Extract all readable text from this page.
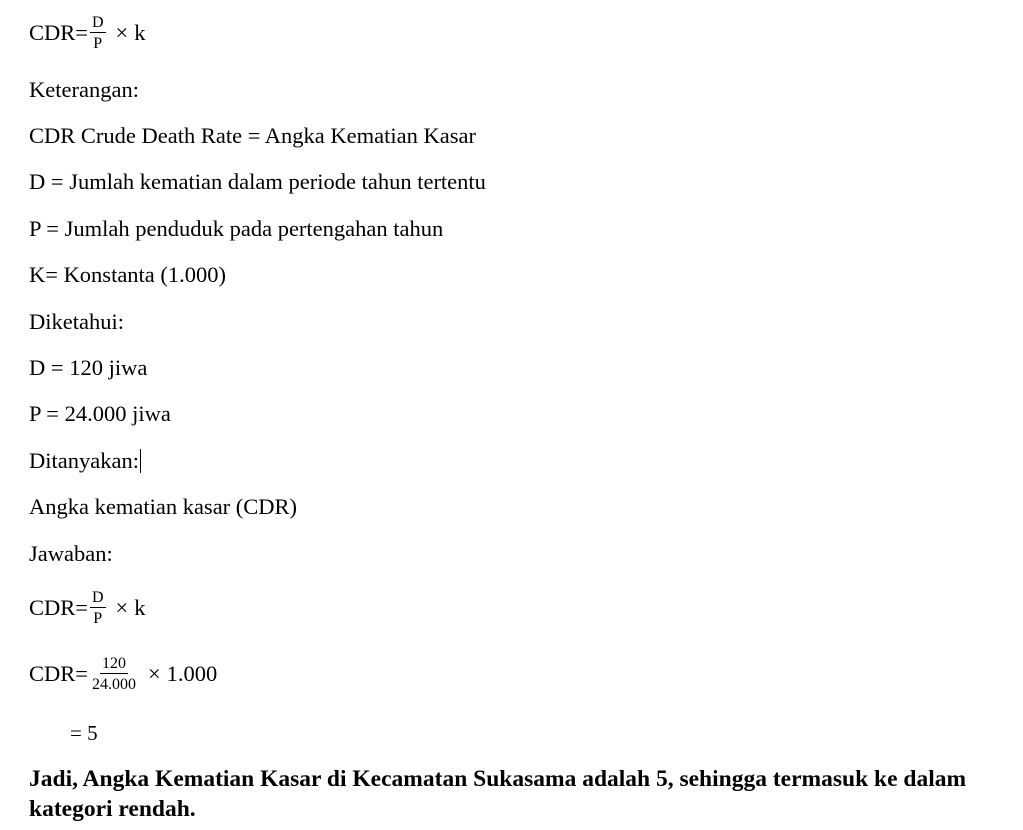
$CDR= \frac{D}{P} \times k$
Keterangan:
CDR Crude Death Rate = Angka Kematian Kasar
D = Jumlah kematian dalam periode tahun tertentu
P = Jumlah penduduk pada pertengahan tahun
K= Konstanta (1.000)
Diketahui:
D = 120 jiwa
P = 24.000 jiwa
Ditanyakan:
Angka kematian kasar (CDR)
Jawaban:
$CDR= \frac{D}{P} \times k$
$CDR= \frac{120}{24.000} \times 1.000$
= 5
Jadi, Angka Kematian Kasar di Kecamatan Sukasama adalah 5, sehingga termasuk ke dalam kategori rendah.
